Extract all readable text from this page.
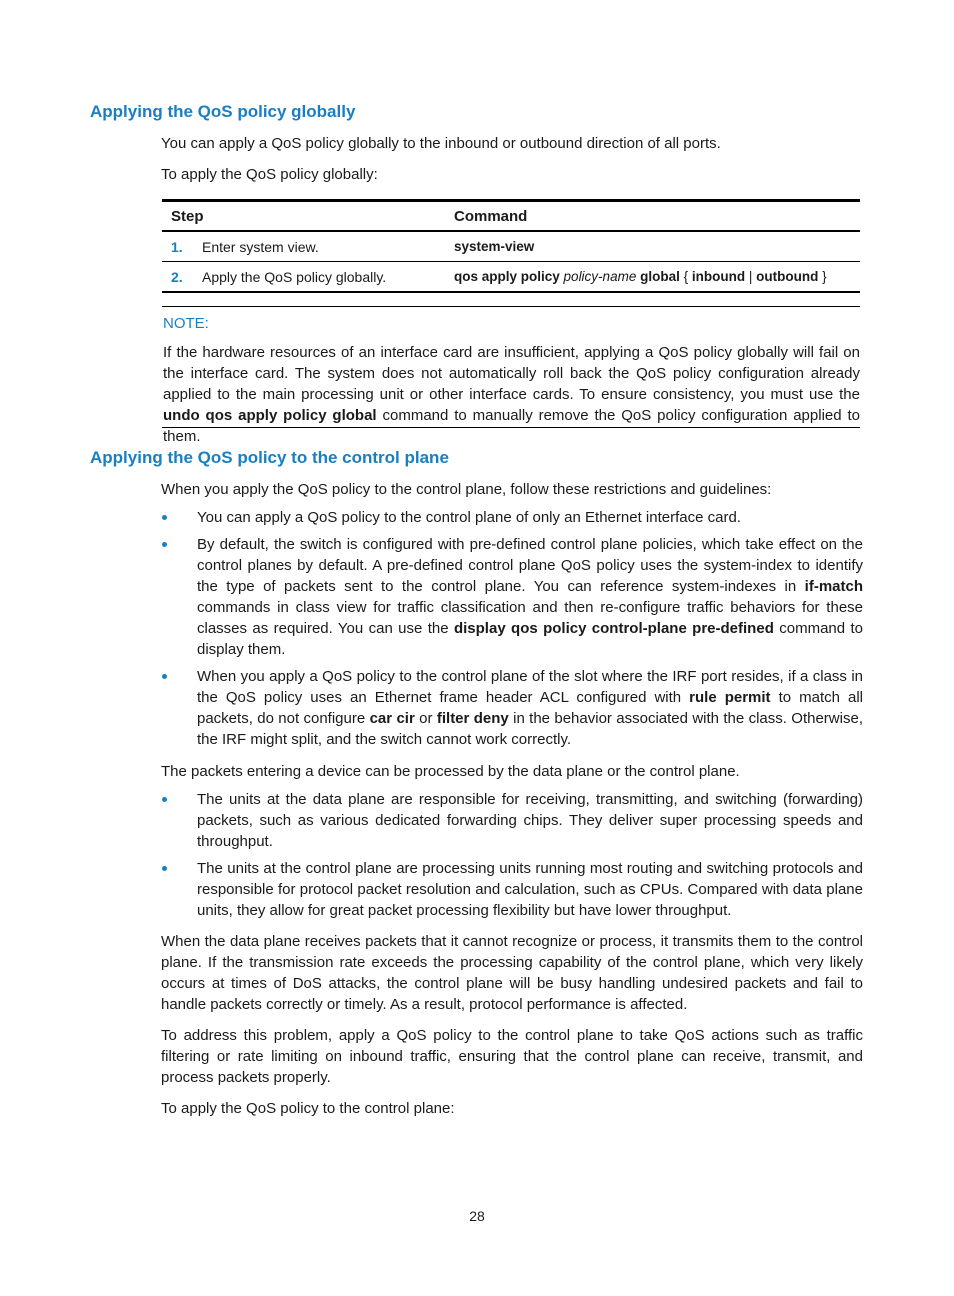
Applying the QoS policy globally

You can apply a QoS policy globally to the inbound or outbound direction of all ports.

To apply the QoS policy globally:

Step	Command
1.	Enter system view.	system-view
2.	Apply the QoS policy globally.	qos apply policy policy-name global { inbound | outbound }

NOTE:

If the hardware resources of an interface card are insufficient, applying a QoS policy globally will fail on the interface card. The system does not automatically roll back the QoS policy configuration already applied to the main processing unit or other interface cards. To ensure consistency, you must use the undo qos apply policy global command to manually remove the QoS policy configuration applied to them.

Applying the QoS policy to the control plane

When you apply the QoS policy to the control plane, follow these restrictions and guidelines:

You can apply a QoS policy to the control plane of only an Ethernet interface card.
By default, the switch is configured with pre-defined control plane policies, which take effect on the control planes by default. A pre-defined control plane QoS policy uses the system-index to identify the type of packets sent to the control plane. You can reference system-indexes in if-match commands in class view for traffic classification and then re-configure traffic behaviors for these classes as required. You can use the display qos policy control-plane pre-defined command to display them.
When you apply a QoS policy to the control plane of the slot where the IRF port resides, if a class in the QoS policy uses an Ethernet frame header ACL configured with rule permit to match all packets, do not configure car cir or filter deny in the behavior associated with the class. Otherwise, the IRF might split, and the switch cannot work correctly.

The packets entering a device can be processed by the data plane or the control plane.

The units at the data plane are responsible for receiving, transmitting, and switching (forwarding) packets, such as various dedicated forwarding chips. They deliver super processing speeds and throughput.
The units at the control plane are processing units running most routing and switching protocols and responsible for protocol packet resolution and calculation, such as CPUs. Compared with data plane units, they allow for great packet processing flexibility but have lower throughput.

When the data plane receives packets that it cannot recognize or process, it transmits them to the control plane. If the transmission rate exceeds the processing capability of the control plane, which very likely occurs at times of DoS attacks, the control plane will be busy handling undesired packets and fail to handle packets correctly or timely. As a result, protocol performance is affected.

To address this problem, apply a QoS policy to the control plane to take QoS actions such as traffic filtering or rate limiting on inbound traffic, ensuring that the control plane can receive, transmit, and process packets properly.

To apply the QoS policy to the control plane:

28
